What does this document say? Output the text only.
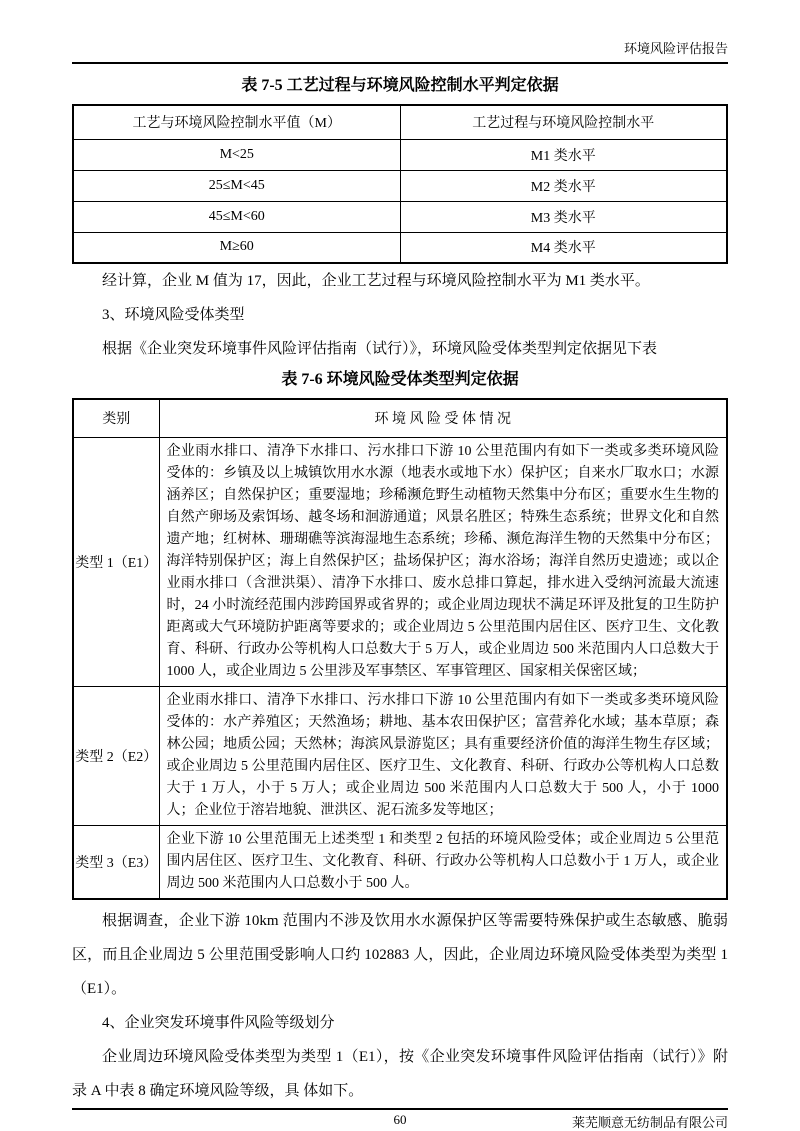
环境风险评估报告
表 7-5 工艺过程与环境风险控制水平判定依据
工艺与环境风险控制水平值（M）	工艺过程与环境风险控制水平
M<25	M1 类水平
25≤M<45	M2 类水平
45≤M<60	M3 类水平
M≥60	M4 类水平

经计算，企业 M 值为 17，因此，企业工艺过程与环境风险控制水平为 M1 类水平。

3、环境风险受体类型

根据《企业突发环境事件风险评估指南（试行）》，环境风险受体类型判定依据见下表

表 7-6 环境风险受体类型判定依据
类别	环 境 风 险 受 体 情 况
类型 1（E1）	企业雨水排口、清净下水排口、污水排口下游 10 公里范围内有如下一类或多类环境风险受体的：乡镇及以上城镇饮用水水源（地表水或地下水）保护区；自来水厂取水口；水源涵养区；自然保护区；重要湿地；珍稀濒危野生动植物天然集中分布区；重要水生生物的自然产卵场及索饵场、越冬场和洄游通道；风景名胜区；特殊生态系统；世界文化和自然遗产地；红树林、珊瑚礁等滨海湿地生态系统；珍稀、濒危海洋生物的天然集中分布区；海洋特别保护区；海上自然保护区；盐场保护区；海水浴场；海洋自然历史遗迹；或以企业雨水排口（含泄洪渠）、清净下水排口、废水总排口算起，排水进入受纳河流最大流速时，24 小时流经范围内涉跨国界或省界的；或企业周边现状不满足环评及批复的卫生防护距离或大气环境防护距离等要求的；或企业周边 5 公里范围内居住区、医疗卫生、文化教育、科研、行政办公等机构人口总数大于 5 万人，或企业周边 500 米范围内人口总数大于 1000 人，或企业周边 5 公里涉及军事禁区、军事管理区、国家相关保密区域；
类型 2（E2）	企业雨水排口、清净下水排口、污水排口下游 10 公里范围内有如下一类或多类环境风险受体的：水产养殖区；天然渔场；耕地、基本农田保护区；富营养化水域；基本草原；森林公园；地质公园；天然林；海滨风景游览区；具有重要经济价值的海洋生物生存区域；或企业周边 5 公里范围内居住区、医疗卫生、文化教育、科研、行政办公等机构人口总数大于 1 万人，小于 5 万人；或企业周边 500 米范围内人口总数大于 500 人，小于 1000 人；企业位于溶岩地貌、泄洪区、泥石流多发等地区；
类型 3（E3）	企业下游 10 公里范围无上述类型 1 和类型 2 包括的环境风险受体；或企业周边 5 公里范围内居住区、医疗卫生、文化教育、科研、行政办公等机构人口总数小于 1 万人，或企业周边 500 米范围内人口总数小于 500 人。

根据调查，企业下游 10km 范围内不涉及饮用水水源保护区等需要特殊保护或生态敏感、脆弱区，而且企业周边 5 公里范围受影响人口约 102883 人，因此，企业周边环境风险受体类型为类型 1（E1）。

4、企业突发环境事件风险等级划分

企业周边环境风险受体类型为类型 1（E1），按《企业突发环境事件风险评估指南（试行）》附录 A 中表 8 确定环境风险等级，具 体如下。

60	莱芜顺意无纺制品有限公司
